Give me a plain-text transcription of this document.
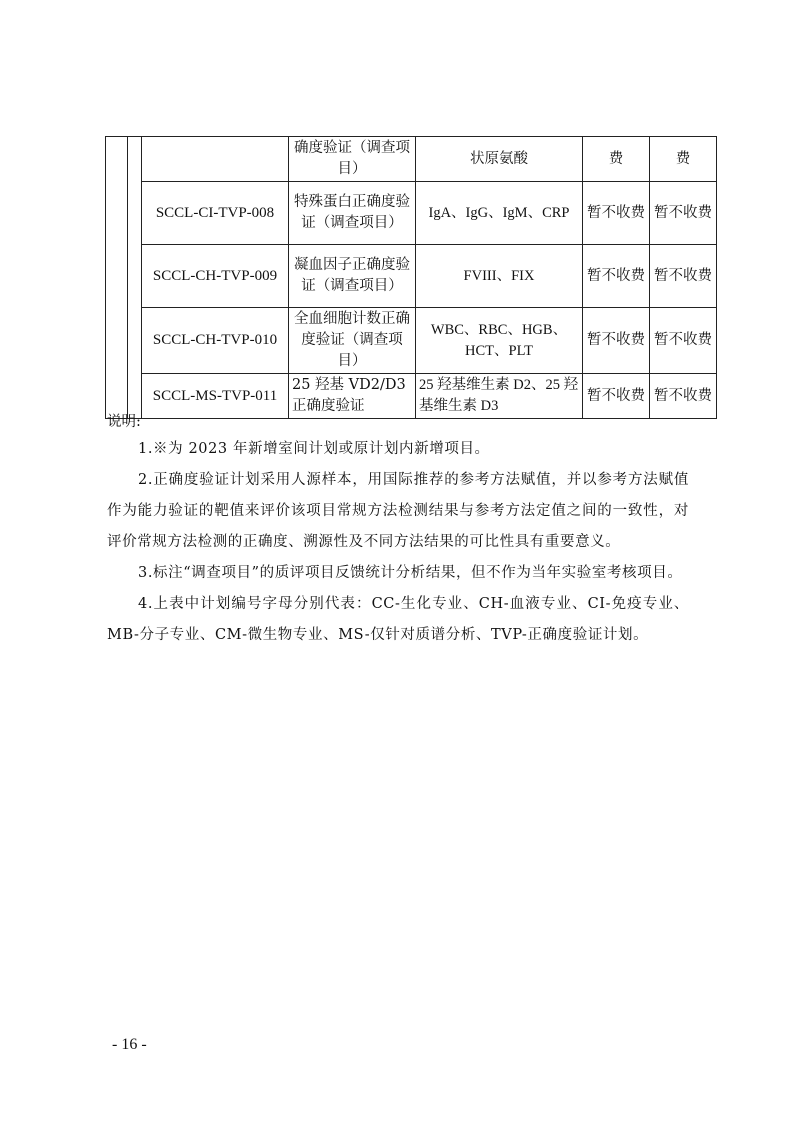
			确度验证（调查项目）	状原氨酸	费	费
		SCCL-CI-TVP-008	特殊蛋白正确度验证（调查项目）	IgA、IgG、IgM、CRP	暂不收费	暂不收费
		SCCL-CH-TVP-009	凝血因子正确度验证（调查项目）	FVIII、FIX	暂不收费	暂不收费
		SCCL-CH-TVP-010	全血细胞计数正确度验证（调查项目）	WBC、RBC、HGB、HCT、PLT	暂不收费	暂不收费
		SCCL-MS-TVP-011	25 羟基 VD2/D3 正确度验证	25 羟基维生素 D2、25 羟基维生素 D3	暂不收费	暂不收费
说明:

1.※为 2023 年新增室间计划或原计划内新增项目。

2.正确度验证计划采用人源样本，用国际推荐的参考方法赋值，并以参考方法赋值作为能力验证的靶值来评价该项目常规方法检测结果与参考方法定值之间的一致性，对评价常规方法检测的正确度、溯源性及不同方法结果的可比性具有重要意义。

3.标注“调查项目”的质评项目反馈统计分析结果，但不作为当年实验室考核项目。

4.上表中计划编号字母分别代表：CC-生化专业、CH-血液专业、CI-免疫专业、MB-分子专业、CM-微生物专业、MS-仅针对质谱分析、TVP-正确度验证计划。

- 16 -
